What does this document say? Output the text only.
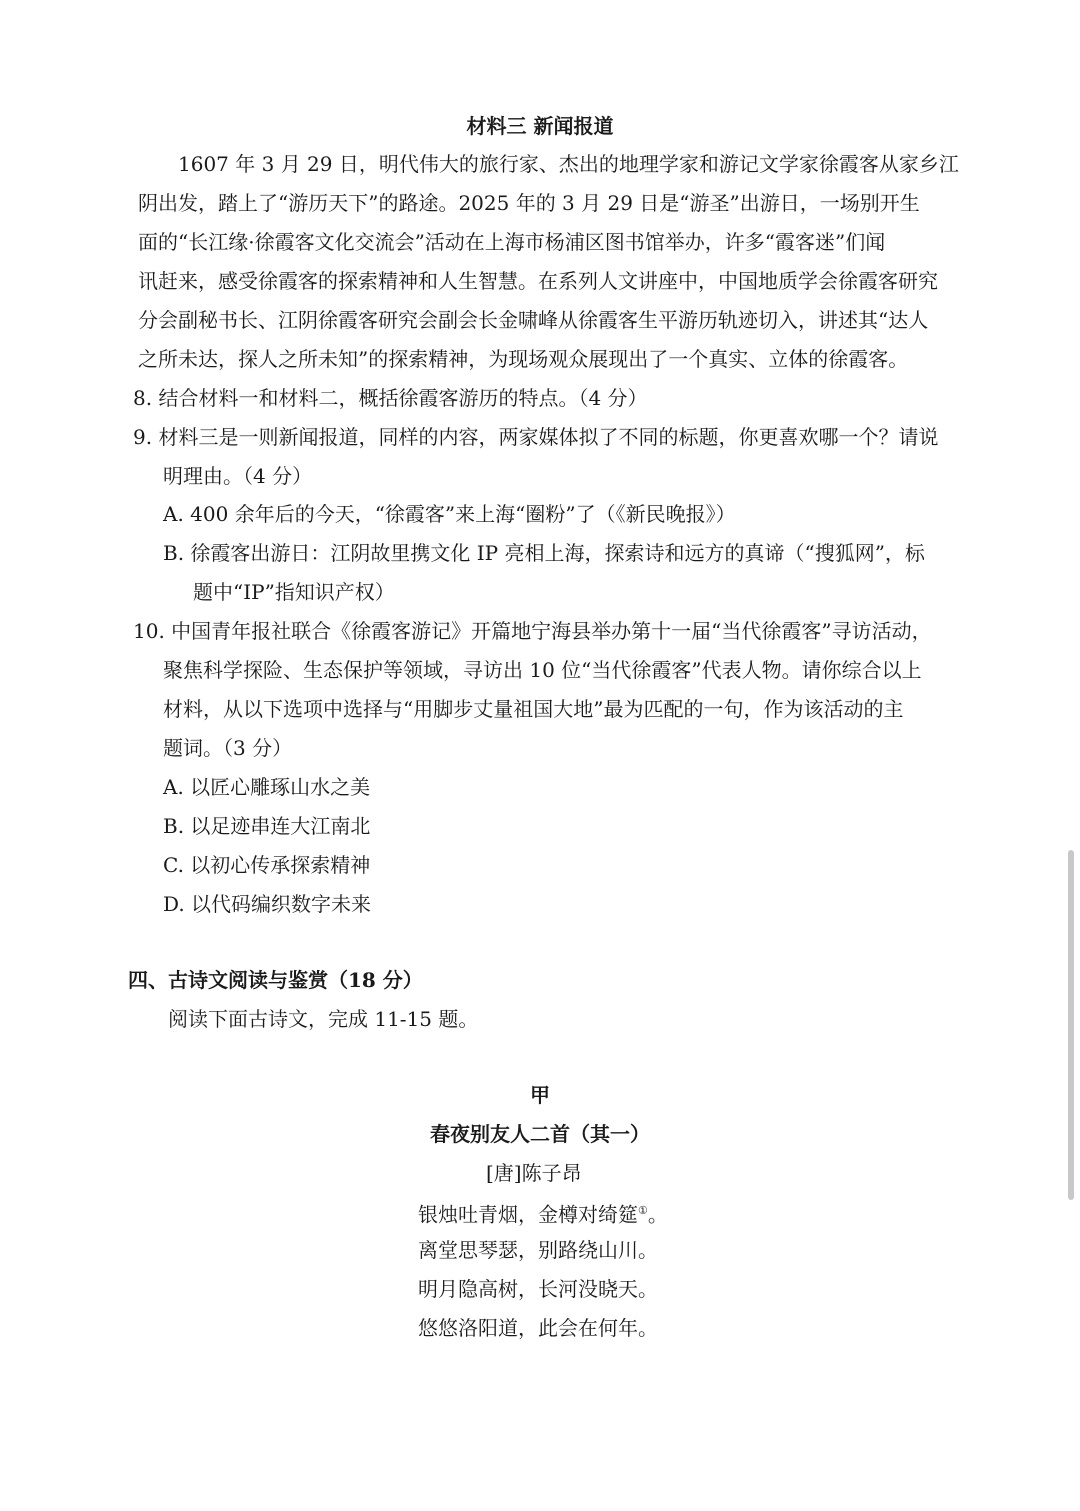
材料三 新闻报道
1607 年 3 月 29 日，明代伟大的旅行家、杰出的地理学家和游记文学家徐霞客从家乡江
阴出发，踏上了“游历天下”的路途。2025 年的 3 月 29 日是“游圣”出游日，一场别开生
面的“长江缘·徐霞客文化交流会”活动在上海市杨浦区图书馆举办，许多“霞客迷”们闻
讯赶来，感受徐霞客的探索精神和人生智慧。在系列人文讲座中，中国地质学会徐霞客研究
分会副秘书长、江阴徐霞客研究会副会长金啸峰从徐霞客生平游历轨迹切入，讲述其“达人
之所未达，探人之所未知”的探索精神，为现场观众展现出了一个真实、立体的徐霞客。
8. 结合材料一和材料二，概括徐霞客游历的特点。（4 分）
9. 材料三是一则新闻报道，同样的内容，两家媒体拟了不同的标题，你更喜欢哪一个？请说
明理由。（4 分）
A. 400 余年后的今天，“徐霞客”来上海“圈粉”了（《新民晚报》）
B. 徐霞客出游日：江阴故里携文化 IP 亮相上海，探索诗和远方的真谛（“搜狐网”，标
题中“IP”指知识产权）
10. 中国青年报社联合《徐霞客游记》开篇地宁海县举办第十一届“当代徐霞客”寻访活动，
聚焦科学探险、生态保护等领域，寻访出 10 位“当代徐霞客”代表人物。请你综合以上
材料，从以下选项中选择与“用脚步丈量祖国大地”最为匹配的一句，作为该活动的主
题词。（3 分）
A. 以匠心雕琢山水之美
B. 以足迹串连大江南北
C. 以初心传承探索精神
D. 以代码编织数字未来
四、古诗文阅读与鉴赏（18 分）
阅读下面古诗文，完成 11-15 题。
甲
春夜别友人二首（其一）
[唐]陈子昂
银烛吐青烟，金樽对绮筵①。
离堂思琴瑟，别路绕山川。
明月隐高树，长河没晓天。
悠悠洛阳道，此会在何年。
